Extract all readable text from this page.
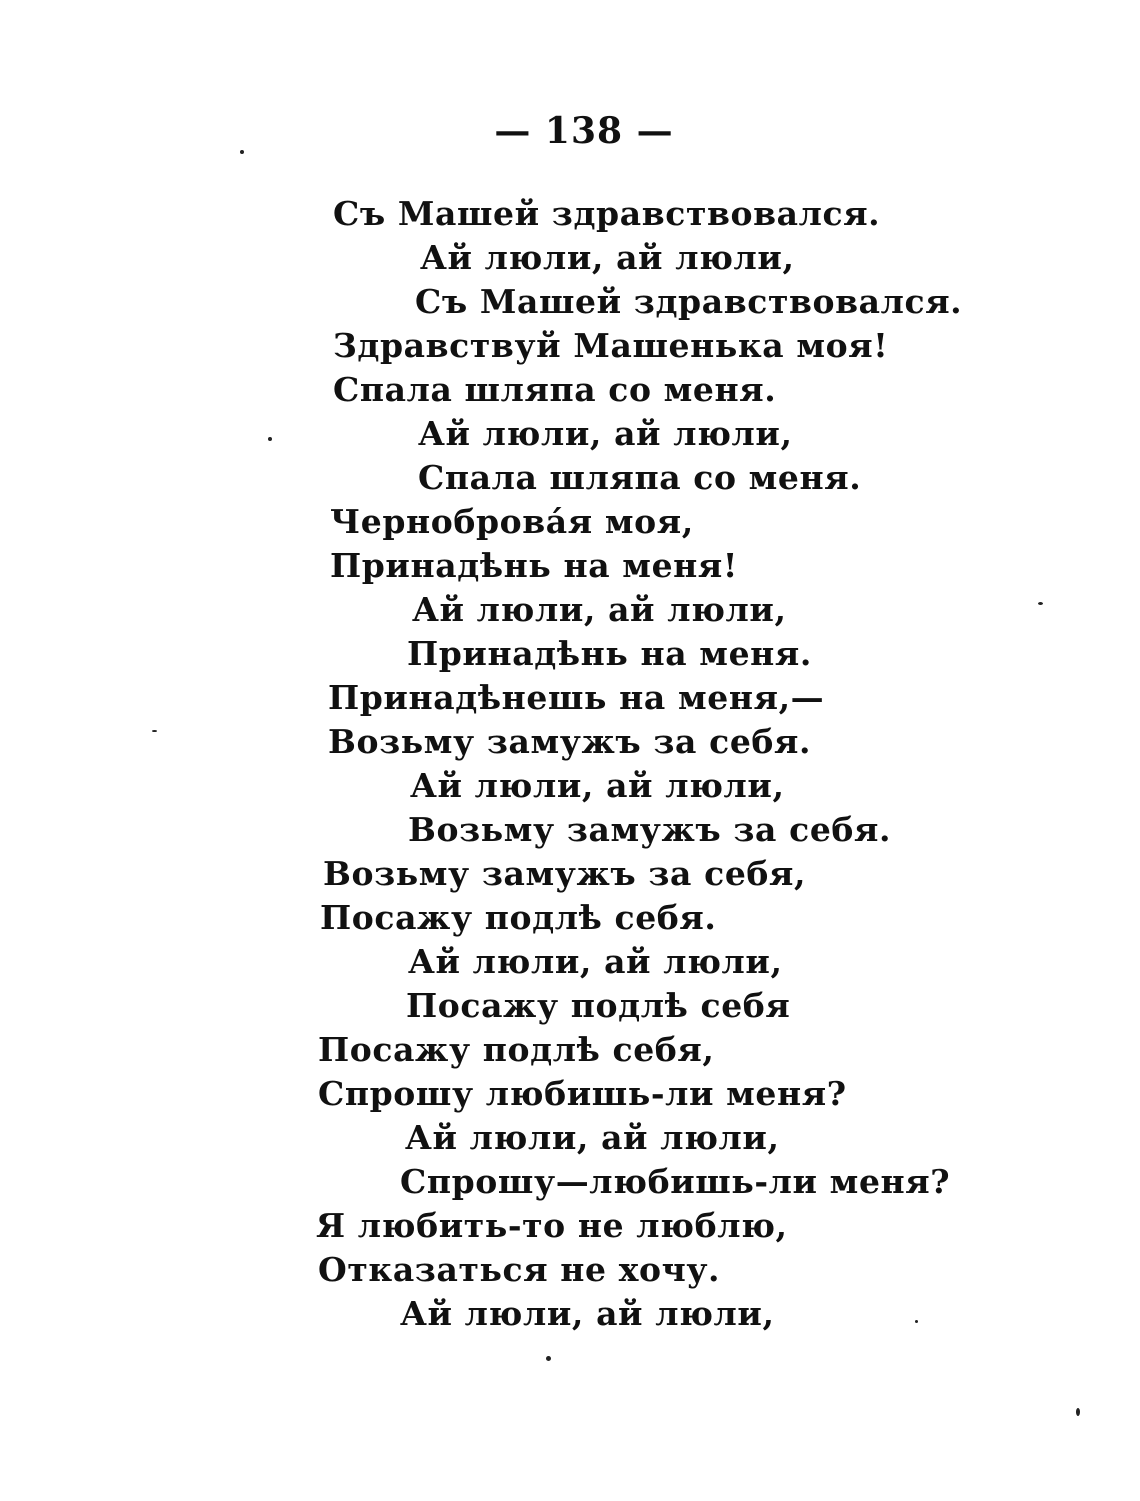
— 138 —
Съ Машей здравствовался.
Ай люли, ай люли,
Съ Машей здравствовался.
Здравствуй Машенька моя!
Спала шляпа со меня.
Ай люли, ай люли,
Спала шляпа со меня.
Черноброва́я моя,
Принадѣнь на меня!
Ай люли, ай люли,
Принадѣнь на меня.
Принадѣнешь на меня,—
Возьму замужъ за себя.
Ай люли, ай люли,
Возьму замужъ за себя.
Возьму замужъ за себя,
Посажу подлѣ себя.
Ай люли, ай люли,
Посажу подлѣ себя
Посажу подлѣ себя,
Спрошу любишь-ли меня?
Ай люли, ай люли,
Спрошу—любишь-ли меня?
Я любить-то не люблю,
Отказаться не хочу.
Ай люли, ай люли,
